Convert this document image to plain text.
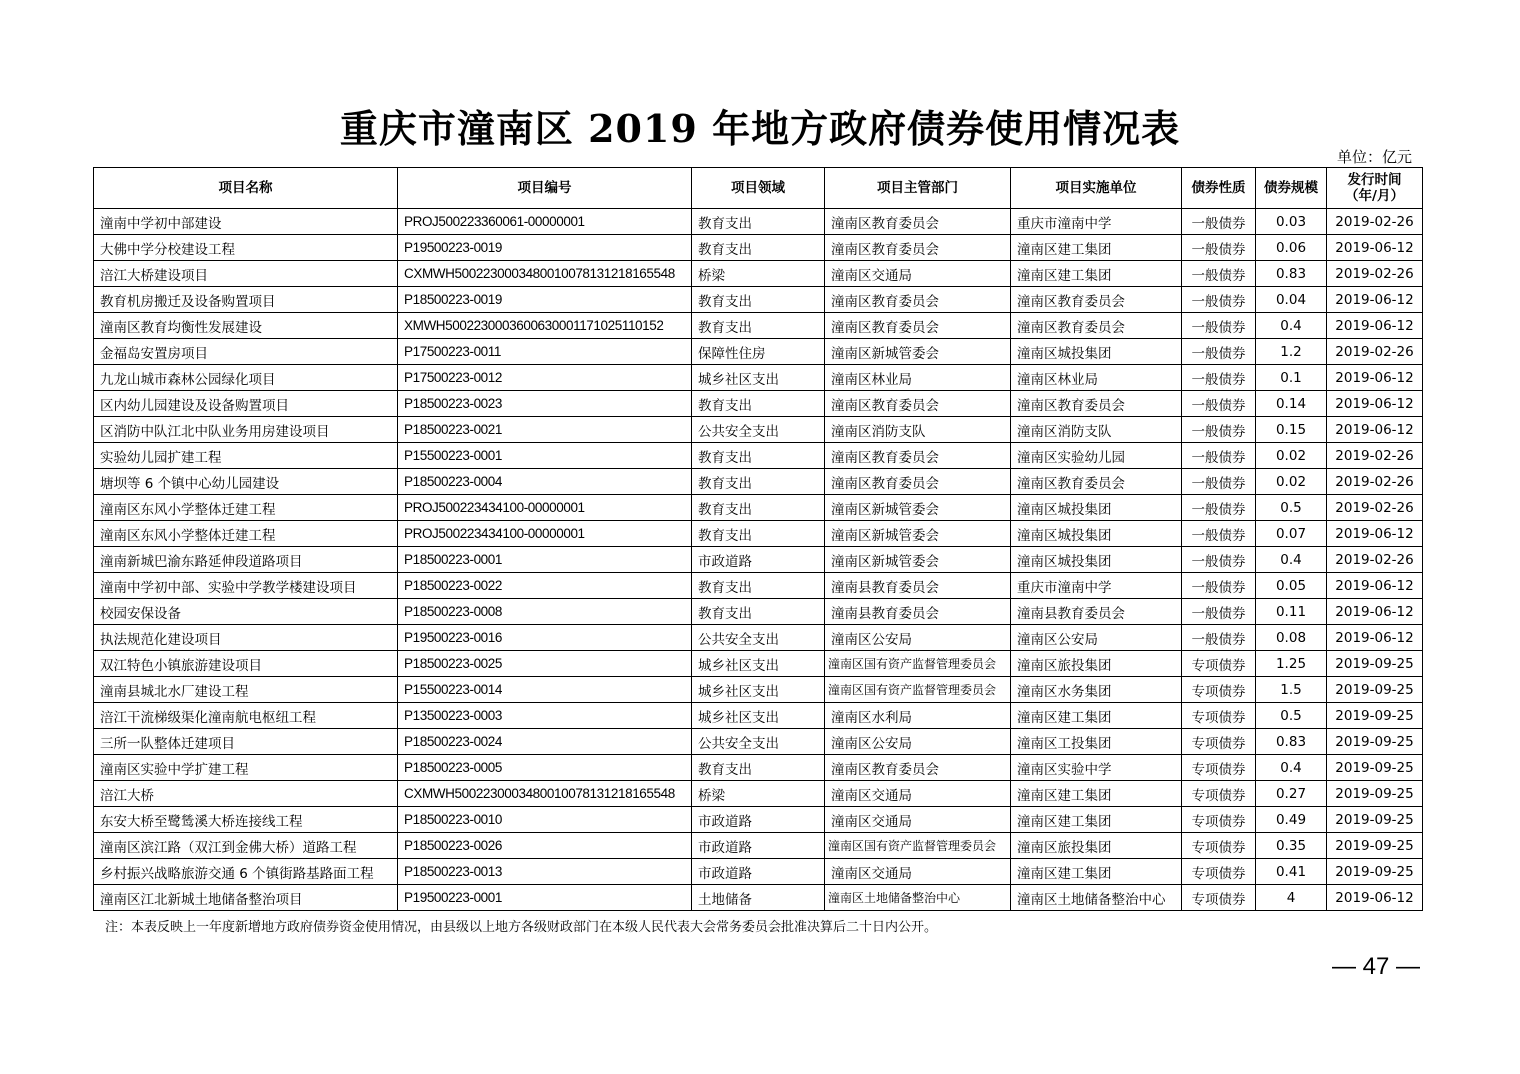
重庆市潼南区 2019 年地方政府债券使用情况表
单位：亿元
项目名称	项目编号	项目领域	项目主管部门	项目实施单位	债券性质	债券规模	发行时间
（年/月）

潼南中学初中部建设	PROJ500223360061-00000001	教育支出	潼南区教育委员会	重庆市潼南中学	一般债券	0.03	2019-02-26
大佛中学分校建设工程	P19500223-0019	教育支出	潼南区教育委员会	潼南区建工集团	一般债券	0.06	2019-06-12
涪江大桥建设项目	CXMWH50022300034800100781312181655​48	桥梁	潼南区交通局	潼南区建工集团	一般债券	0.83	2019-02-26
教育机房搬迁及设备购置项目	P18500223-0019	教育支出	潼南区教育委员会	潼南区教育委员会	一般债券	0.04	2019-06-12
潼南区教育均衡性发展建设	XMWH5002230003600630001171025110152	教育支出	潼南区教育委员会	潼南区教育委员会	一般债券	0.4	2019-06-12
金福岛安置房项目	P17500223-0011	保障性住房	潼南区新城管委会	潼南区城投集团	一般债券	1.2	2019-02-26
九龙山城市森林公园绿化项目	P17500223-0012	城乡社区支出	潼南区林业局	潼南区林业局	一般债券	0.1	2019-06-12
区内幼儿园建设及设备购置项目	P18500223-0023	教育支出	潼南区教育委员会	潼南区教育委员会	一般债券	0.14	2019-06-12
区消防中队江北中队业务用房建设项目	P18500223-0021	公共安全支出	潼南区消防支队	潼南区消防支队	一般债券	0.15	2019-06-12
实验幼儿园扩建工程	P15500223-0001	教育支出	潼南区教育委员会	潼南区实验幼儿园	一般债券	0.02	2019-02-26
塘坝等 6 个镇中心幼儿园建设	P18500223-0004	教育支出	潼南区教育委员会	潼南区教育委员会	一般债券	0.02	2019-02-26
潼南区东风小学整体迁建工程	PROJ500223434100-00000001	教育支出	潼南区新城管委会	潼南区城投集团	一般债券	0.5	2019-02-26
潼南区东风小学整体迁建工程	PROJ500223434100-00000001	教育支出	潼南区新城管委会	潼南区城投集团	一般债券	0.07	2019-06-12
潼南新城巴渝东路延伸段道路项目	P18500223-0001	市政道路	潼南区新城管委会	潼南区城投集团	一般债券	0.4	2019-02-26
潼南中学初中部、实验中学教学楼建设项目	P18500223-0022	教育支出	潼南县教育委员会	重庆市潼南中学	一般债券	0.05	2019-06-12
校园安保设备	P18500223-0008	教育支出	潼南县教育委员会	潼南县教育委员会	一般债券	0.11	2019-06-12
执法规范化建设项目	P19500223-0016	公共安全支出	潼南区公安局	潼南区公安局	一般债券	0.08	2019-06-12
双江特色小镇旅游建设项目	P18500223-0025	城乡社区支出	潼南区国有资产监督管理委员会	潼南区旅投集团	专项债券	1.25	2019-09-25
潼南县城北水厂建设工程	P15500223-0014	城乡社区支出	潼南区国有资产监督管理委员会	潼南区水务集团	专项债券	1.5	2019-09-25
涪江干流梯级渠化潼南航电枢纽工程	P13500223-0003	城乡社区支出	潼南区水利局	潼南区建工集团	专项债券	0.5	2019-09-25
三所一队整体迁建项目	P18500223-0024	公共安全支出	潼南区公安局	潼南区工投集团	专项债券	0.83	2019-09-25
潼南区实验中学扩建工程	P18500223-0005	教育支出	潼南区教育委员会	潼南区实验中学	专项债券	0.4	2019-09-25
涪江大桥	CXMWH5002230003480010078131218165548	桥梁	潼南区交通局	潼南区建工集团	专项债券	0.27	2019-09-25
东安大桥至鹭鸶溪大桥连接线工程	P18500223-0010	市政道路	潼南区交通局	潼南区建工集团	专项债券	0.49	2019-09-25
潼南区滨江路（双江到金佛大桥）道路工程	P18500223-0026	市政道路	潼南区国有资产监督管理委员会	潼南区旅投集团	专项债券	0.35	2019-09-25
乡村振兴战略旅游交通 6 个镇街路基路面工程	P18500223-0013	市政道路	潼南区交通局	潼南区建工集团	专项债券	0.41	2019-09-25
潼南区江北新城土地储备整治项目	P19500223-0001	土地储备	潼南区土地储备整治中心	潼南区土地储备整治中心	专项债券	4	2019-06-12
注：本表反映上一年度新增地方政府债券资金使用情况，由县级以上地方各级财政部门在本级人民代表大会常务委员会批准决算后二十日内公开。
— 47 —
